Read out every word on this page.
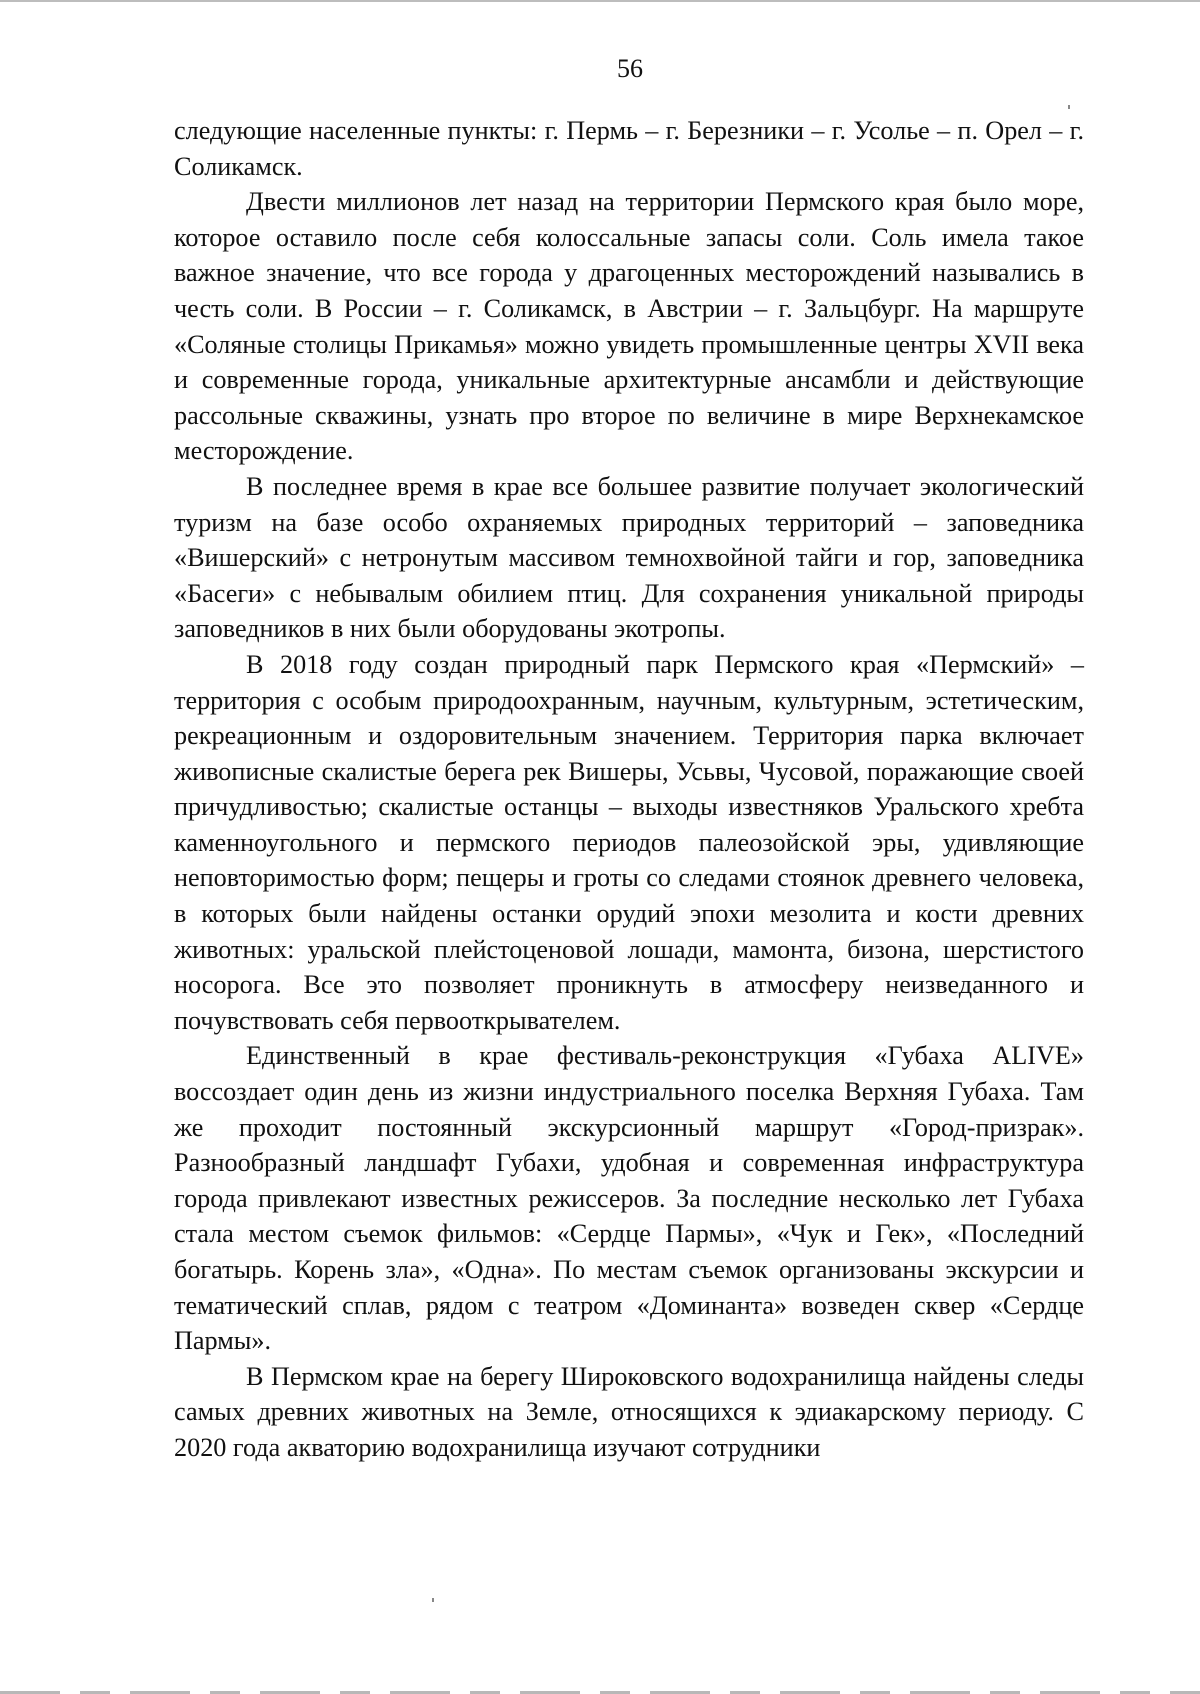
56

следующие населенные пункты: г. Пермь – г. Березники – г. Усолье – п. Орел – г. Соликамск.

Двести миллионов лет назад на территории Пермского края было море, которое оставило после себя колоссальные запасы соли. Соль имела такое важное значение, что все города у драгоценных месторождений назывались в честь соли. В России – г. Соликамск, в Австрии – г. Зальцбург. На маршруте «Соляные столицы Прикамья» можно увидеть промышленные центры XVII века и современные города, уникальные архитектурные ансамбли и действующие рассольные скважины, узнать про второе по величине в мире Верхнекамское месторождение.

В последнее время в крае все большее развитие получает экологический туризм на базе особо охраняемых природных территорий – заповедника «Вишерский» с нетронутым массивом темнохвойной тайги и гор, заповедника «Басеги» с небывалым обилием птиц. Для сохранения уникальной природы заповедников в них были оборудованы экотропы.

В 2018 году создан природный парк Пермского края «Пермский» – территория с особым природоохранным, научным, культурным, эстетическим, рекреационным и оздоровительным значением. Территория парка включает живописные скалистые берега рек Вишеры, Усьвы, Чусовой, поражающие своей причудливостью; скалистые останцы – выходы известняков Уральского хребта каменноугольного и пермского периодов палеозойской эры, удивляющие неповторимостью форм; пещеры и гроты со следами стоянок древнего человека, в которых были найдены останки орудий эпохи мезолита и кости древних животных: уральской плейстоценовой лошади, мамонта, бизона, шерстистого носорога. Все это позволяет проникнуть в атмосферу неизведанного и почувствовать себя первооткрывателем.

Единственный в крае фестиваль-реконструкция «Губаха ALIVE» воссоздает один день из жизни индустриального поселка Верхняя Губаха. Там же проходит постоянный экскурсионный маршрут «Город-призрак». Разнообразный ландшафт Губахи, удобная и современная инфраструктура города привлекают известных режиссеров. За последние несколько лет Губаха стала местом съемок фильмов: «Сердце Пармы», «Чук и Гек», «Последний богатырь. Корень зла», «Одна». По местам съемок организованы экскурсии и тематический сплав, рядом с театром «Доминанта» возведен сквер «Сердце Пармы».

В Пермском крае на берегу Широковского водохранилища найдены следы самых древних животных на Земле, относящихся к эдиакарскому периоду. С 2020 года акваторию водохранилища изучают сотрудники
